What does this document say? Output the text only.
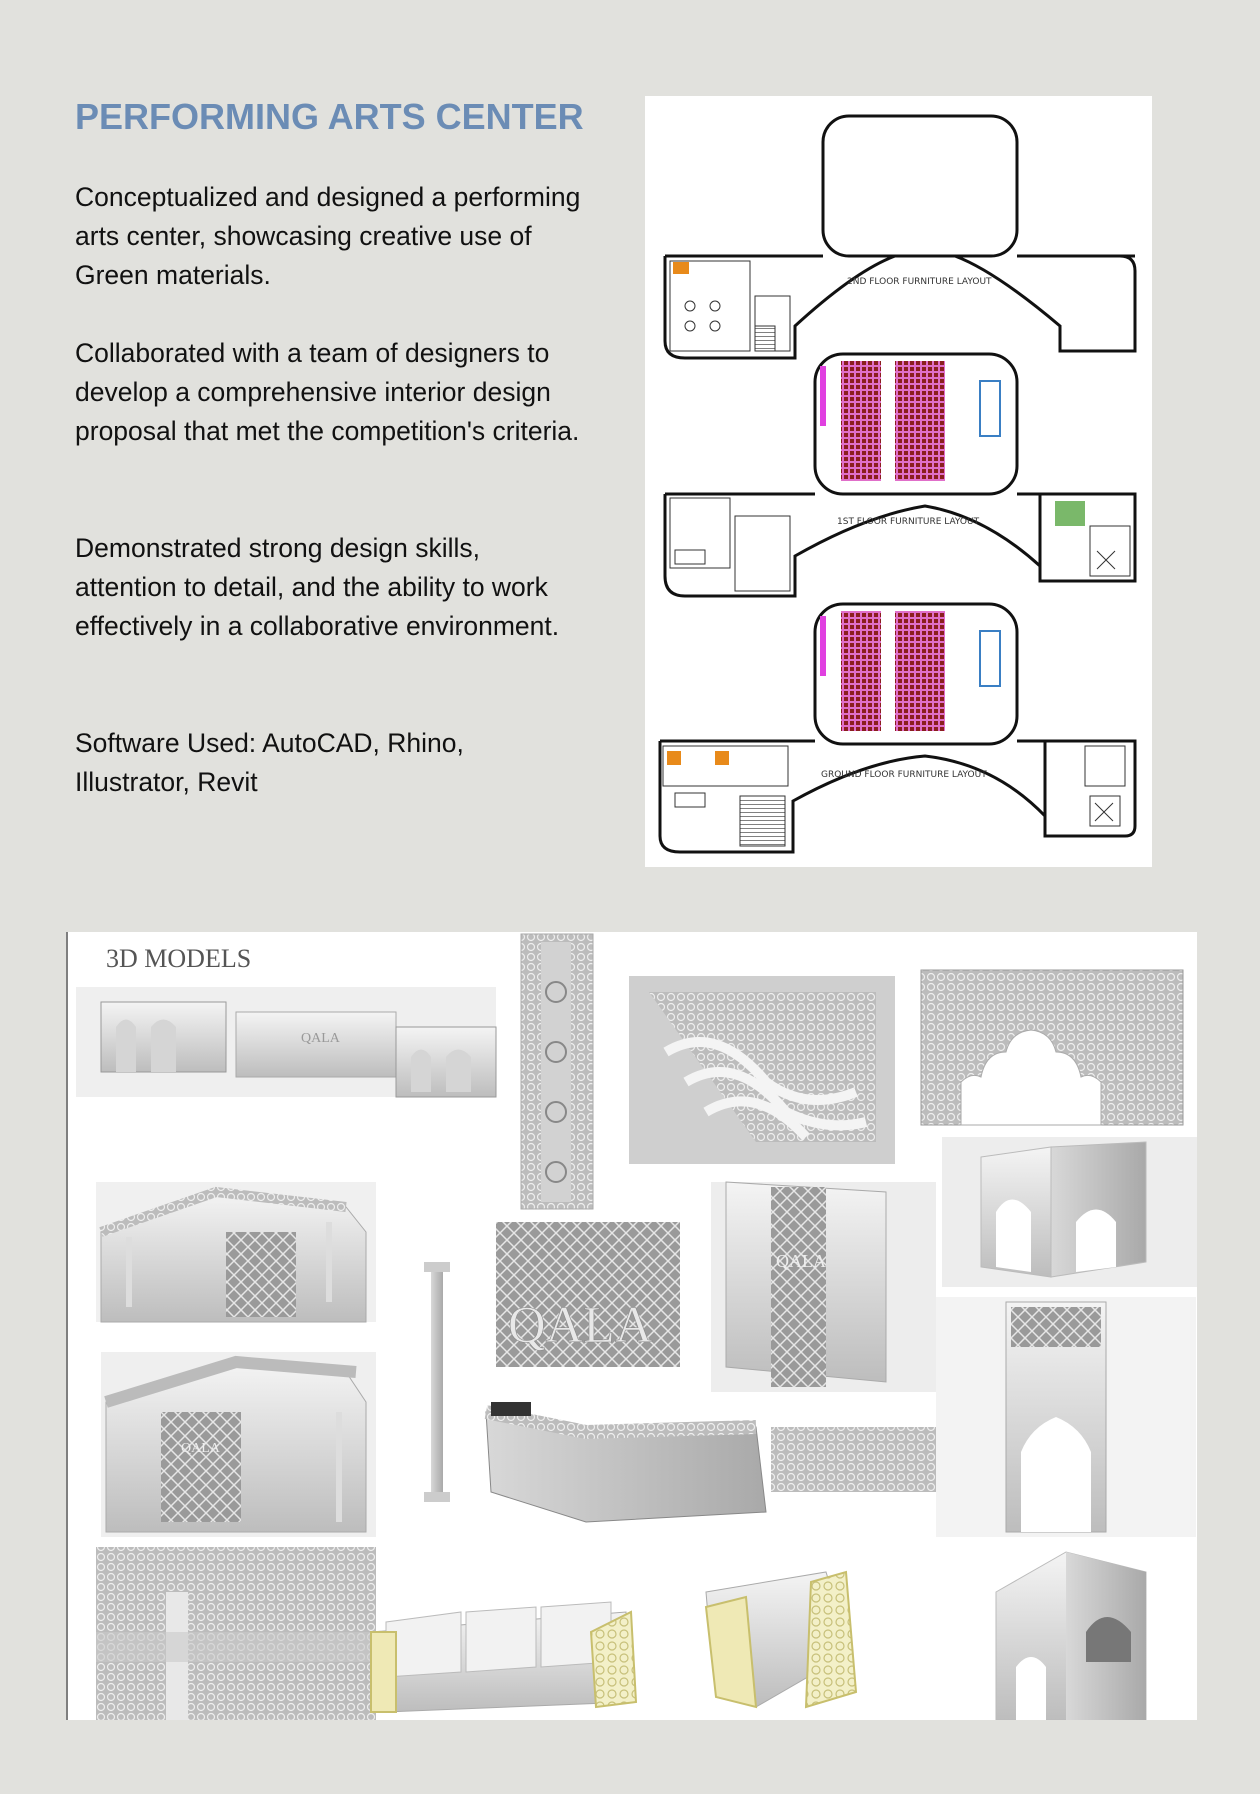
PERFORMING ARTS CENTER

Conceptualized and designed a performing arts center, showcasing creative use of Green materials.

Collaborated with a team of designers to develop a comprehensive interior design proposal that met the competition's criteria.

Demonstrated strong design skills, attention to detail, and the ability to work effectively in a collaborative environment.

Software Used: AutoCAD, Rhino, Illustrator, Revit

2ND FLOOR FURNITURE LAYOUT
1ST FLOOR FURNITURE LAYOUT
GROUND FLOOR FURNITURE LAYOUT
3D MODELS
QALA
QALA
QALA
QALA
